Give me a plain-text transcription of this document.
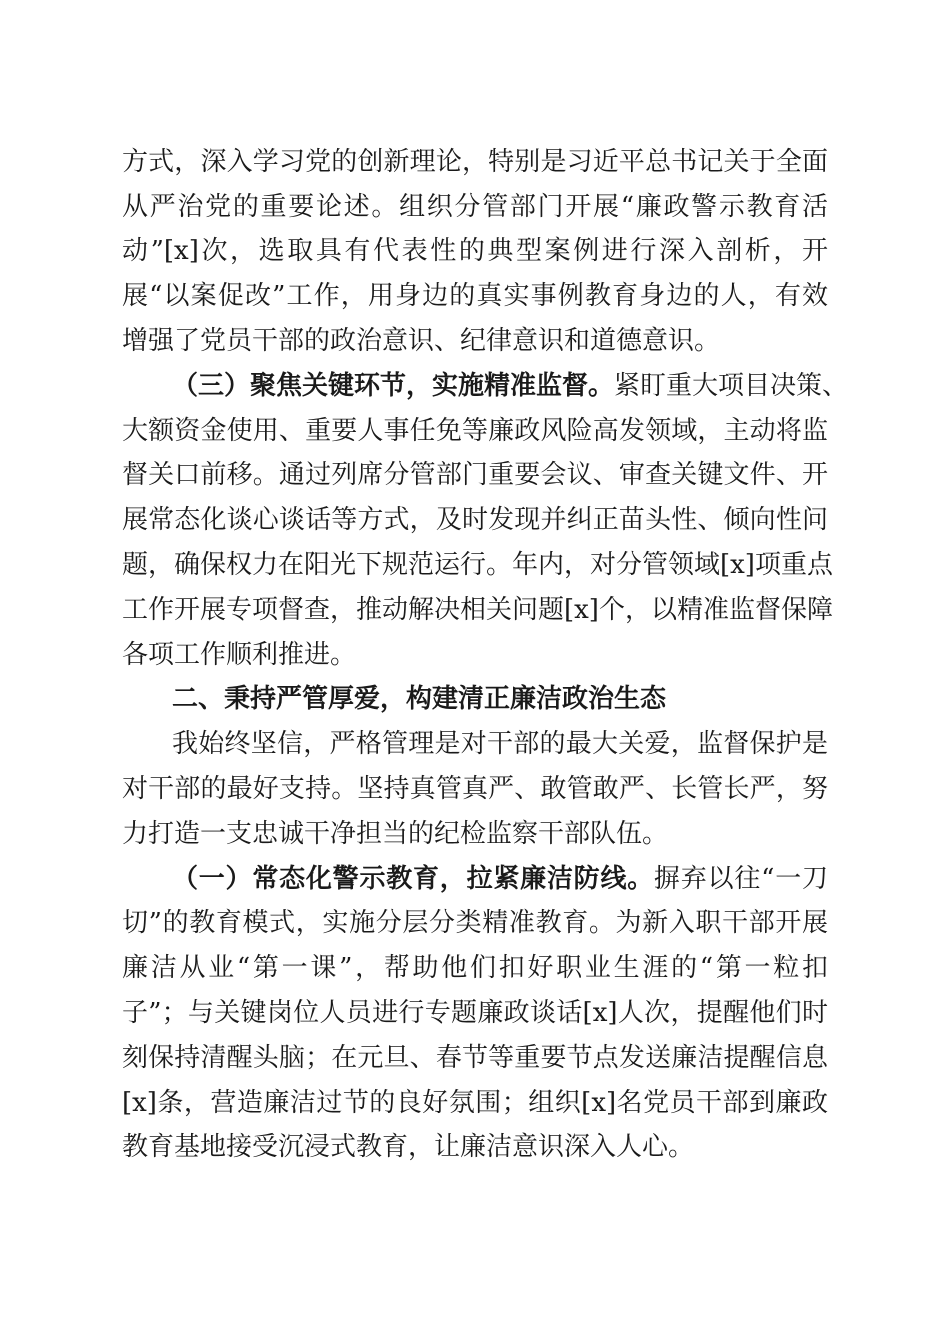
方式，深入学习党的创新理论，特别是习近平总书记关于全面
从严治党的重要论述。组织分管部门开展“廉政警示教育活
动”[x]次，选取具有代表性的典型案例进行深入剖析，开
展“以案促改”工作，用身边的真实事例教育身边的人，有效
增强了党员干部的政治意识、纪律意识和道德意识。
（三）聚焦关键环节，实施精准监督。紧盯重大项目决策、
大额资金使用、重要人事任免等廉政风险高发领域，主动将监
督关口前移。通过列席分管部门重要会议、审查关键文件、开
展常态化谈心谈话等方式，及时发现并纠正苗头性、倾向性问
题，确保权力在阳光下规范运行。年内，对分管领域[x]项重点
工作开展专项督查，推动解决相关问题[x]个，以精准监督保障
各项工作顺利推进。
二、秉持严管厚爱，构建清正廉洁政治生态
我始终坚信，严格管理是对干部的最大关爱，监督保护是
对干部的最好支持。坚持真管真严、敢管敢严、长管长严，努
力打造一支忠诚干净担当的纪检监察干部队伍。
（一）常态化警示教育，拉紧廉洁防线。摒弃以往“一刀
切”的教育模式，实施分层分类精准教育。为新入职干部开展
廉洁从业“第一课”，帮助他们扣好职业生涯的“第一粒扣
子”；与关键岗位人员进行专题廉政谈话[x]人次，提醒他们时
刻保持清醒头脑；在元旦、春节等重要节点发送廉洁提醒信息
[x]条，营造廉洁过节的良好氛围；组织[x]名党员干部到廉政
教育基地接受沉浸式教育，让廉洁意识深入人心。
